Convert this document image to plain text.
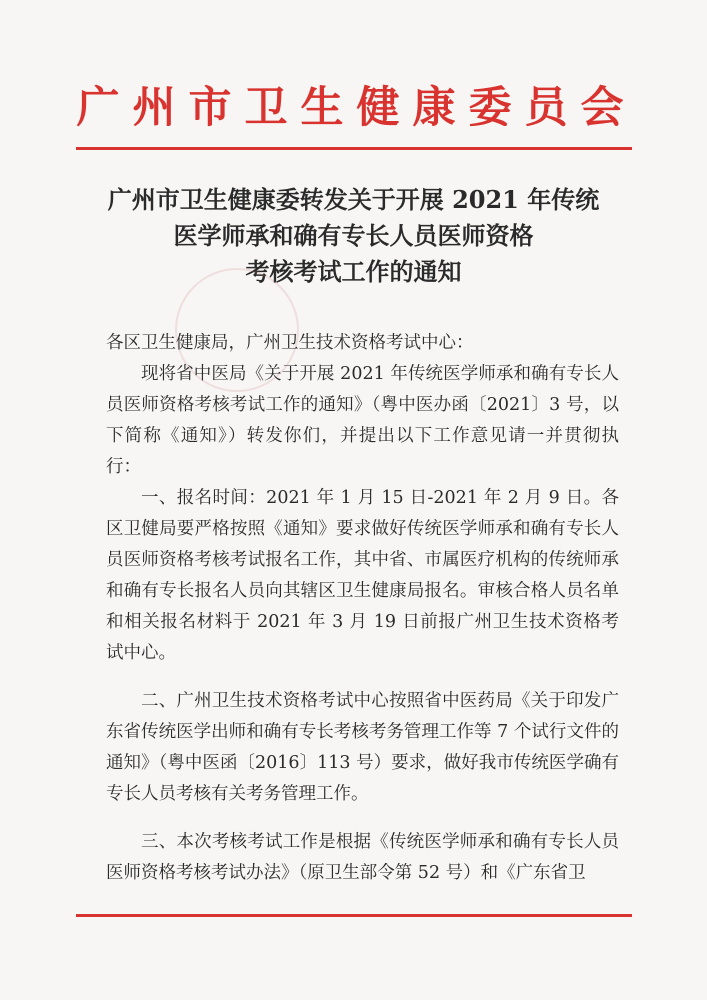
广州市卫生健康委员会
广州市卫生健康委转发关于开展 2021 年传统
医学师承和确有专长人员医师资格
考核考试工作的通知

各区卫生健康局，广州卫生技术资格考试中心：

现将省中医局《关于开展 2021 年传统医学师承和确有专长人员医师资格考核考试工作的通知》（粤中医办函〔2021〕3 号，以下简称《通知》）转发你们，并提出以下工作意见请一并贯彻执行：

一、报名时间：2021 年 1 月 15 日-2021 年 2 月 9 日。各区卫健局要严格按照《通知》要求做好传统医学师承和确有专长人员医师资格考核考试报名工作，其中省、市属医疗机构的传统师承和确有专长报名人员向其辖区卫生健康局报名。审核合格人员名单和相关报名材料于 2021 年 3 月 19 日前报广州卫生技术资格考试中心。

二、广州卫生技术资格考试中心按照省中医药局《关于印发广东省传统医学出师和确有专长考核考务管理工作等 7 个试行文件的通知》（粤中医函〔2016〕113 号）要求，做好我市传统医学确有专长人员考核有关考务管理工作。

三、本次考核考试工作是根据《传统医学师承和确有专长人员医师资格考核考试办法》（原卫生部令第 52 号）和《广东省卫
